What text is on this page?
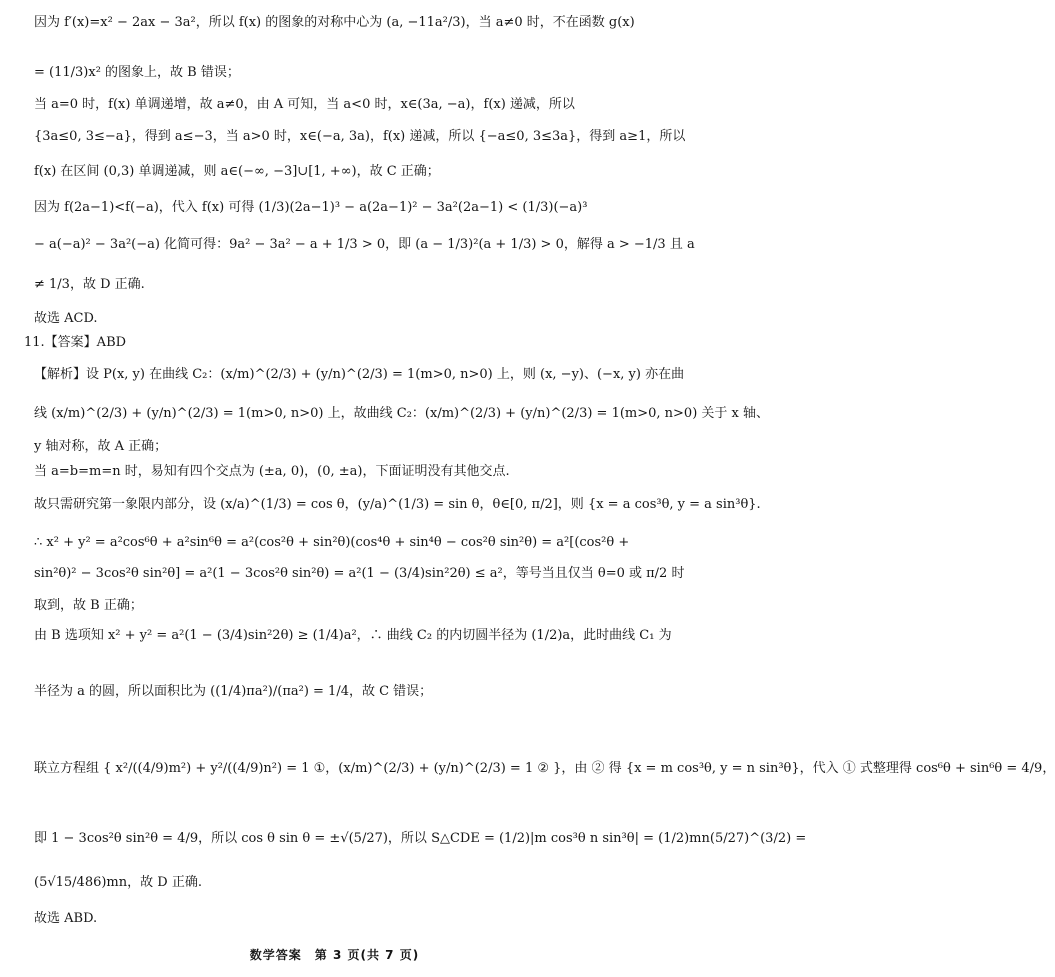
因为 f′(x)=x² − 2ax − 3a²，所以 f(x) 的图象的对称中心为 (a, −11a²/3)，当 a≠0 时，不在函数 g(x)
= (11/3)x² 的图象上，故 B 错误；
当 a=0 时，f(x) 单调递增，故 a≠0，由 A 可知，当 a<0 时，x∈(3a, −a)，f(x) 递减，所以
{3a≤0, 3≤−a}，得到 a≤−3，当 a>0 时，x∈(−a, 3a)，f(x) 递减，所以 {−a≤0, 3≤3a}，得到 a≥1，所以
f(x) 在区间 (0,3) 单调递减，则 a∈(−∞, −3]∪[1, +∞)，故 C 正确；
因为 f(2a−1)<f(−a)，代入 f(x) 可得 (1/3)(2a−1)³ − a(2a−1)² − 3a²(2a−1) < (1/3)(−a)³
− a(−a)² − 3a²(−a) 化简可得：9a² − 3a² − a + 1/3 > 0，即 (a − 1/3)²(a + 1/3) > 0，解得 a > −1/3 且 a
≠ 1/3，故 D 正确.
故选 ACD.
11.【答案】ABD
【解析】设 P(x, y) 在曲线 C₂：(x/m)^(2/3) + (y/n)^(2/3) = 1(m>0, n>0) 上，则 (x, −y)、(−x, y) 亦在曲
线 (x/m)^(2/3) + (y/n)^(2/3) = 1(m>0, n>0) 上，故曲线 C₂：(x/m)^(2/3) + (y/n)^(2/3) = 1(m>0, n>0) 关于 x 轴、
y 轴对称，故 A 正确；
当 a=b=m=n 时，易知有四个交点为 (±a, 0)，(0, ±a)，下面证明没有其他交点.
故只需研究第一象限内部分，设 (x/a)^(1/3) = cos θ，(y/a)^(1/3) = sin θ，θ∈[0, π/2]，则 {x = a cos³θ, y = a sin³θ}.
∴ x² + y² = a²cos⁶θ + a²sin⁶θ = a²(cos²θ + sin²θ)(cos⁴θ + sin⁴θ − cos²θ sin²θ) = a²[(cos²θ +
sin²θ)² − 3cos²θ sin²θ] = a²(1 − 3cos²θ sin²θ) = a²(1 − (3/4)sin²2θ) ≤ a²，等号当且仅当 θ=0 或 π/2 时
取到，故 B 正确；
由 B 选项知 x² + y² = a²(1 − (3/4)sin²2θ) ≥ (1/4)a²，∴ 曲线 C₂ 的内切圆半径为 (1/2)a，此时曲线 C₁ 为
半径为 a 的圆，所以面积比为 ((1/4)πa²)/(πa²) = 1/4，故 C 错误；
联立方程组 { x²/((4/9)m²) + y²/((4/9)n²) = 1 ①，(x/m)^(2/3) + (y/n)^(2/3) = 1 ② }，由 ② 得 {x = m cos³θ, y = n sin³θ}，代入 ① 式整理得 cos⁶θ + sin⁶θ = 4/9，
即 1 − 3cos²θ sin²θ = 4/9，所以 cos θ sin θ = ±√(5/27)，所以 S△CDE = (1/2)|m cos³θ n sin³θ| = (1/2)mn(5/27)^(3/2) =
(5√15/486)mn，故 D 正确.
故选 ABD.
数学答案　第 3 页(共 7 页)
